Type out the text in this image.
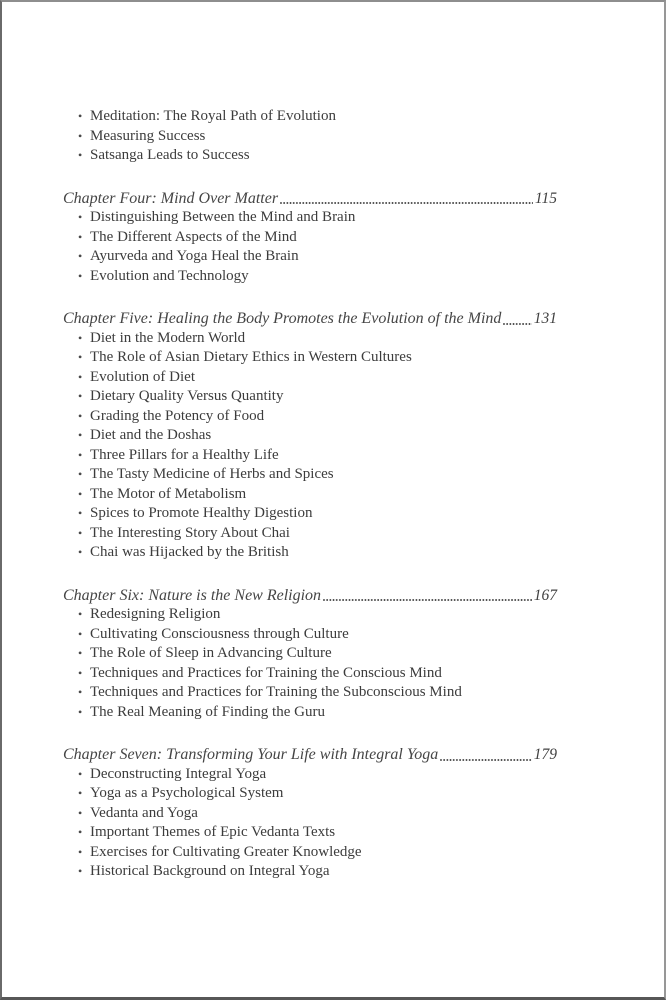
• Meditation: The Royal Path of Evolution
• Measuring Success
• Satsanga Leads to Success
Chapter Four: Mind Over Matter	115
• Distinguishing Between the Mind and Brain
• The Different Aspects of the Mind
• Ayurveda and Yoga Heal the Brain
• Evolution and Technology
Chapter Five: Healing the Body Promotes the Evolution of the Mind 131
• Diet in the Modern World
• The Role of Asian Dietary Ethics in Western Cultures
• Evolution of Diet
• Dietary Quality Versus Quantity
• Grading the Potency of Food
• Diet and the Doshas
• Three Pillars for a Healthy Life
• The Tasty Medicine of Herbs and Spices
• The Motor of Metabolism
• Spices to Promote Healthy Digestion
• The Interesting Story About Chai
• Chai was Hijacked by the British
Chapter Six: Nature is the New Religion	167
• Redesigning Religion
• Cultivating Consciousness through Culture
• The Role of Sleep in Advancing Culture
• Techniques and Practices for Training the Conscious Mind
• Techniques and Practices for Training the Subconscious Mind
• The Real Meaning of Finding the Guru
Chapter Seven: Transforming Your Life with Integral Yoga	179
• Deconstructing Integral Yoga
• Yoga as a Psychological System
• Vedanta and Yoga
• Important Themes of Epic Vedanta Texts
• Exercises for Cultivating Greater Knowledge
• Historical Background on Integral Yoga
